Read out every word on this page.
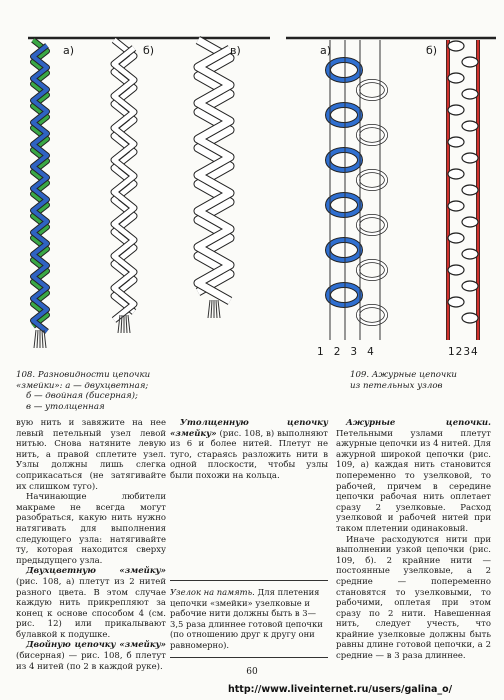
а)	б)	в)	а)	б)
1 2 3 4	1234
108. Разновидности цепочки
«змейки»: а — двухцветная;
б — двойная (бисерная);
в — утолщенная
109. Ажурные цепочки
из петельных узлов

вую нить и завяжите на нее левый петельный узел левой нитью. Снова натяните левую нить, а правой сплетите узел. Узлы должны лишь слегка соприкасаться (не затягивайте их слишком туго).

Начинающие любители макраме не всегда могут разобраться, какую нить нужно натягивать для выполнения следующего узла: натягивайте ту, которая находится сверху предыдущего узла.

Двухцветную «змейку» (рис. 108, а) плетут из 2 нитей разного цвета. В этом случае каждую нить прикрепляют за конец к основе способом 4 (см. рис. 12) или прикалывают булавкой к подушке.

Двойную цепочку «змейку» (бисерная) — рис. 108, б плетут из 4 нитей (по 2 в каждой руке).

Утолщенную цепочку «змейку» (рис. 108, в) выполняют из 6 и более нитей. Плетут не туго, стараясь разложить нити в одной плоскости, чтобы узлы были похожи на кольца.

Узелок на память. Для плетения цепочки «змейки» узелковые и рабочие нити должны быть в 3—3,5 раза длиннее готовой цепочки (по отношению друг к другу они равномерно).

Ажурные цепочки. Петельными узлами плетут ажурные цепочки из 4 нитей. Для ажурной широкой цепочки (рис. 109, а) каждая нить становится попеременно то узелковой, то рабочей, причем в середине цепочки рабочая нить оплетает сразу 2 узелковые. Расход узелковой и рабочей нитей при таком плетении одинаковый.

Иначе расходуются нити при выполнении узкой цепочки (рис. 109, б). 2 крайние нити — постоянные узелковые, а 2 средние — попеременно становятся то узелковыми, то рабочими, оплетая при этом сразу по 2 нити. Навешенная нить, следует учесть, что крайние узелковые должны быть равны длине готовой цепочки, а 2 средние — в 3 раза длиннее.

60
http://www.liveinternet.ru/users/galina_o/
